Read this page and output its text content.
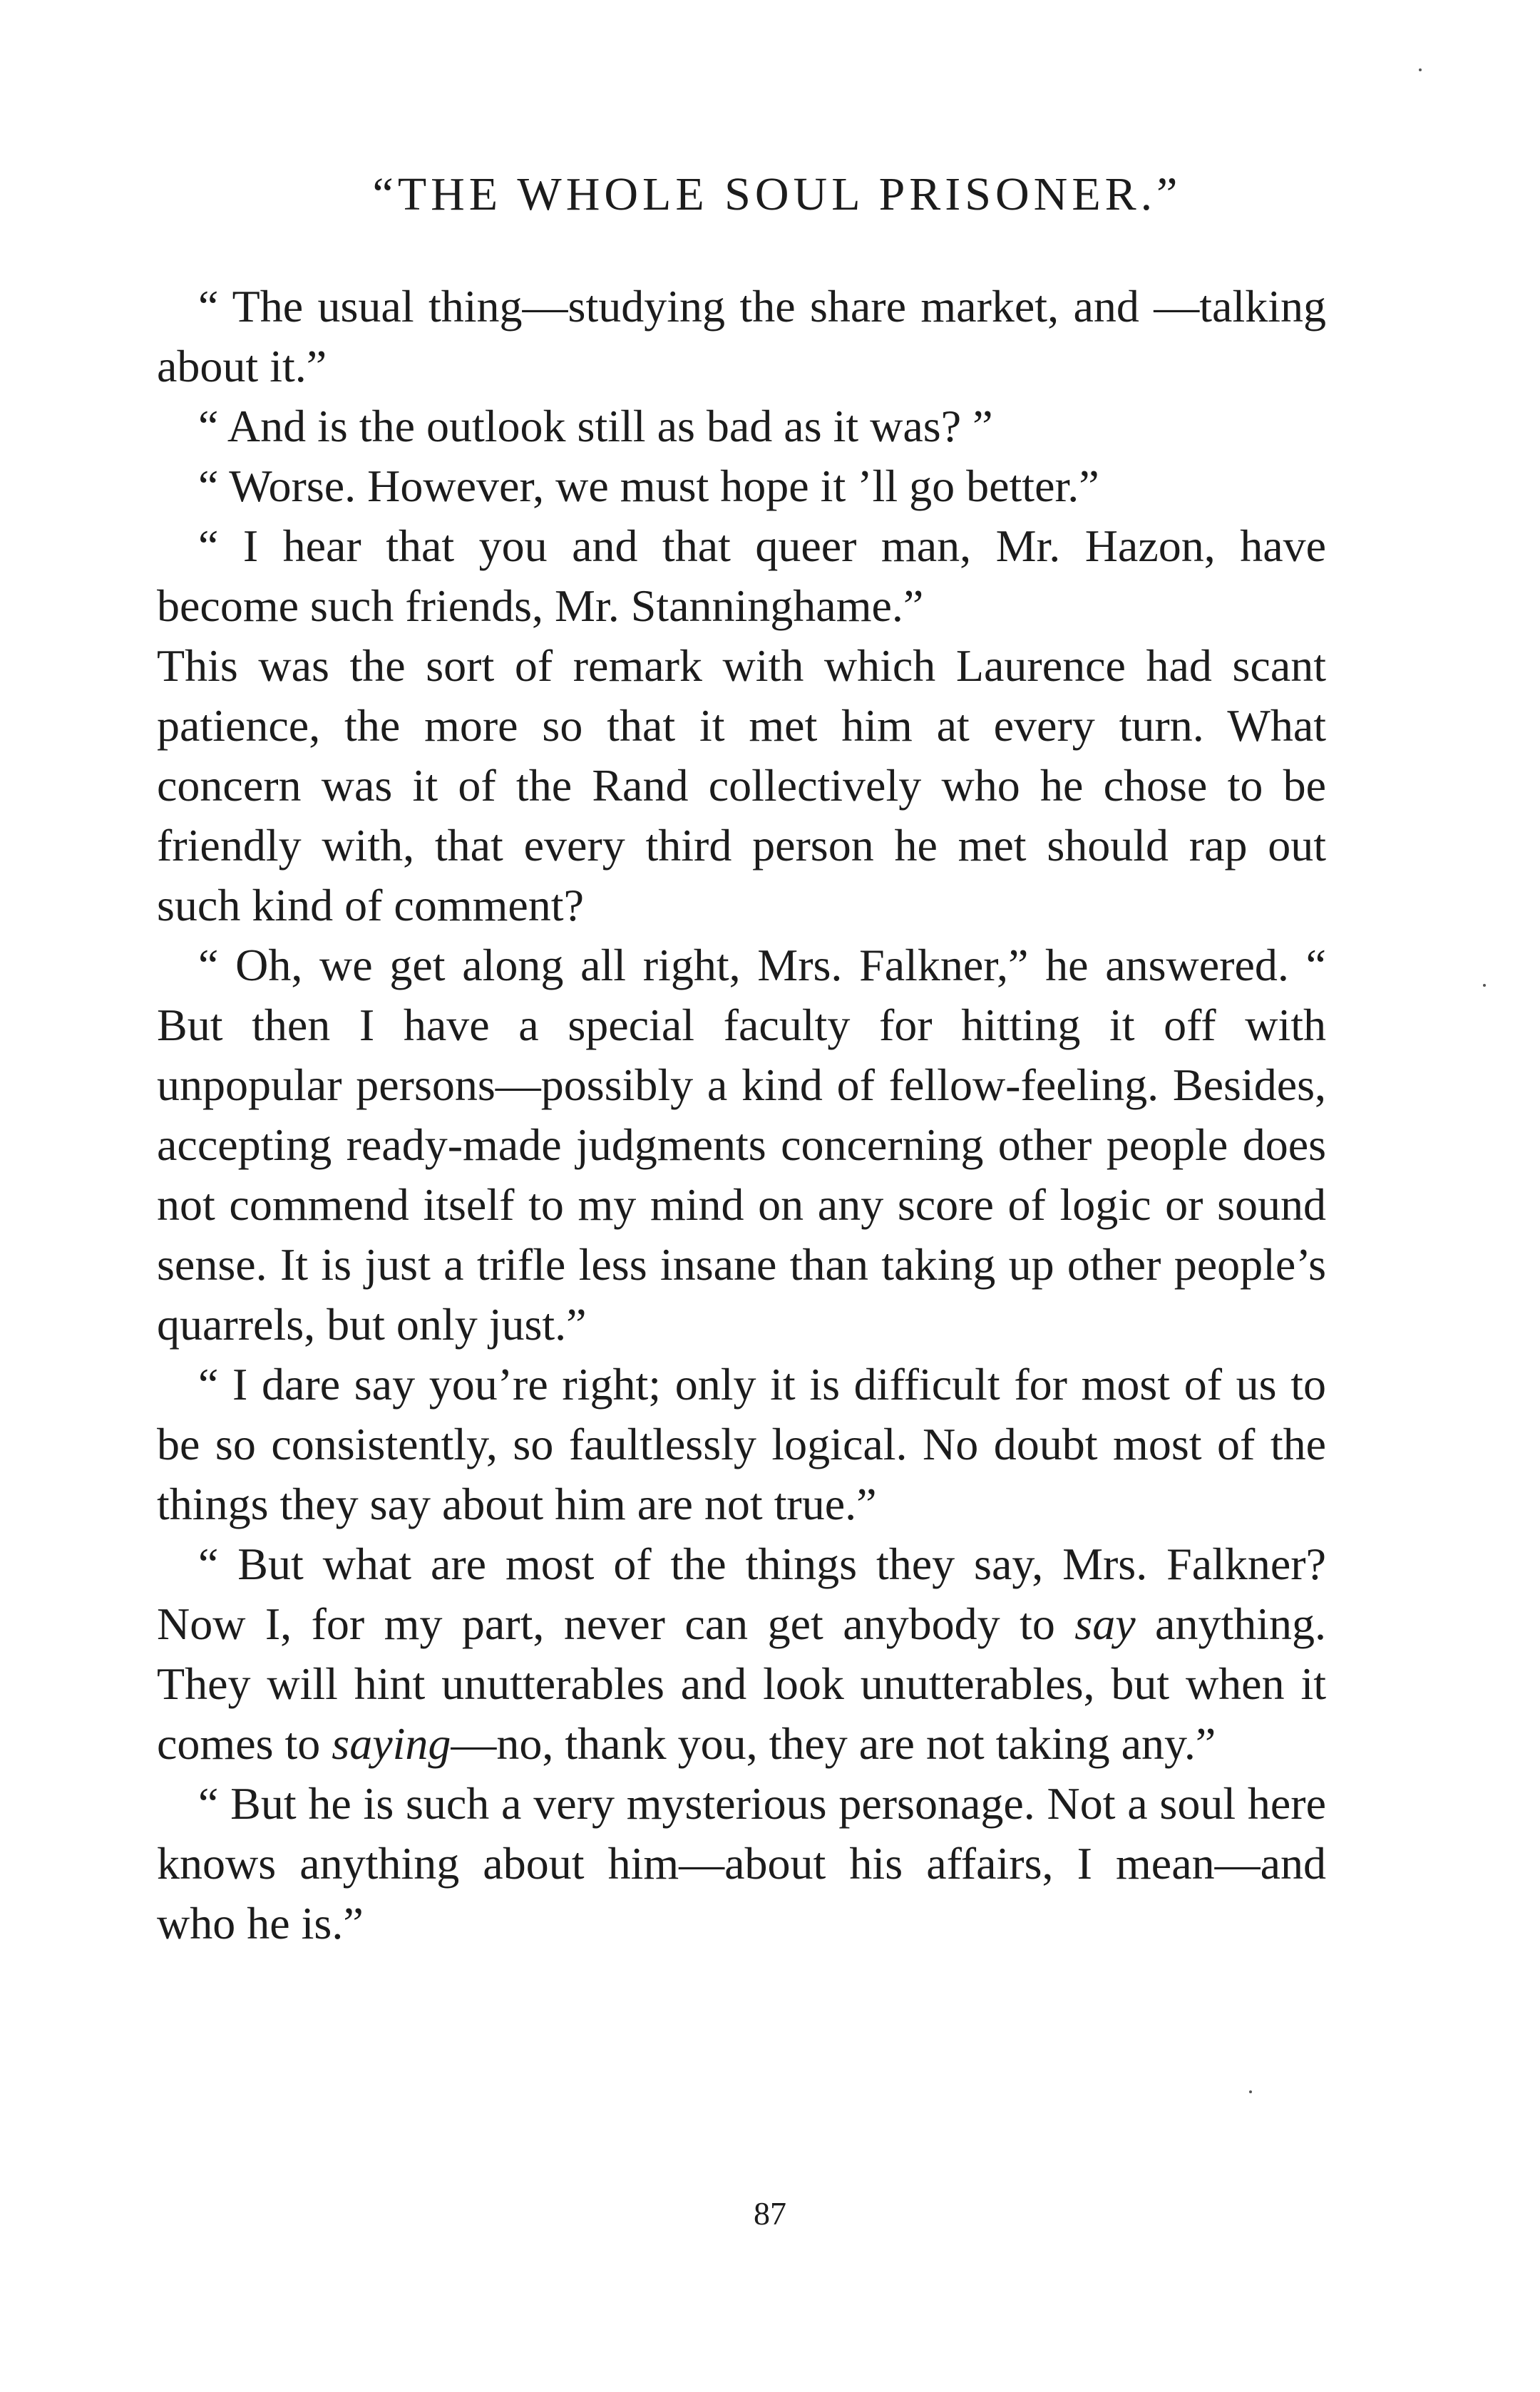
“THE WHOLE SOUL PRISONER.”

“ The usual thing—studying the share market, and —talking about it.”

“ And is the outlook still as bad as it was? ”

“ Worse. However, we must hope it ’ll go better.”

“ I hear that you and that queer man, Mr. Hazon, have become such friends, Mr. Stanninghame.”

This was the sort of remark with which Laurence had scant patience, the more so that it met him at every turn. What concern was it of the Rand collectively who he chose to be friendly with, that every third person he met should rap out such kind of comment?

“ Oh, we get along all right, Mrs. Falkner,” he answered. “ But then I have a special faculty for hitting it off with unpopular persons—possibly a kind of fellow-feeling. Besides, accepting ready-made judgments concerning other people does not commend itself to my mind on any score of logic or sound sense. It is just a trifle less insane than taking up other people’s quarrels, but only just.”

“ I dare say you’re right; only it is difficult for most of us to be so consistently, so faultlessly logical. No doubt most of the things they say about him are not true.”

“ But what are most of the things they say, Mrs. Falkner? Now I, for my part, never can get anybody to say anything. They will hint unutterables and look unutterables, but when it comes to saying—no, thank you, they are not taking any.”

“ But he is such a very mysterious personage. Not a soul here knows anything about him—about his affairs, I mean—and who he is.”

87
